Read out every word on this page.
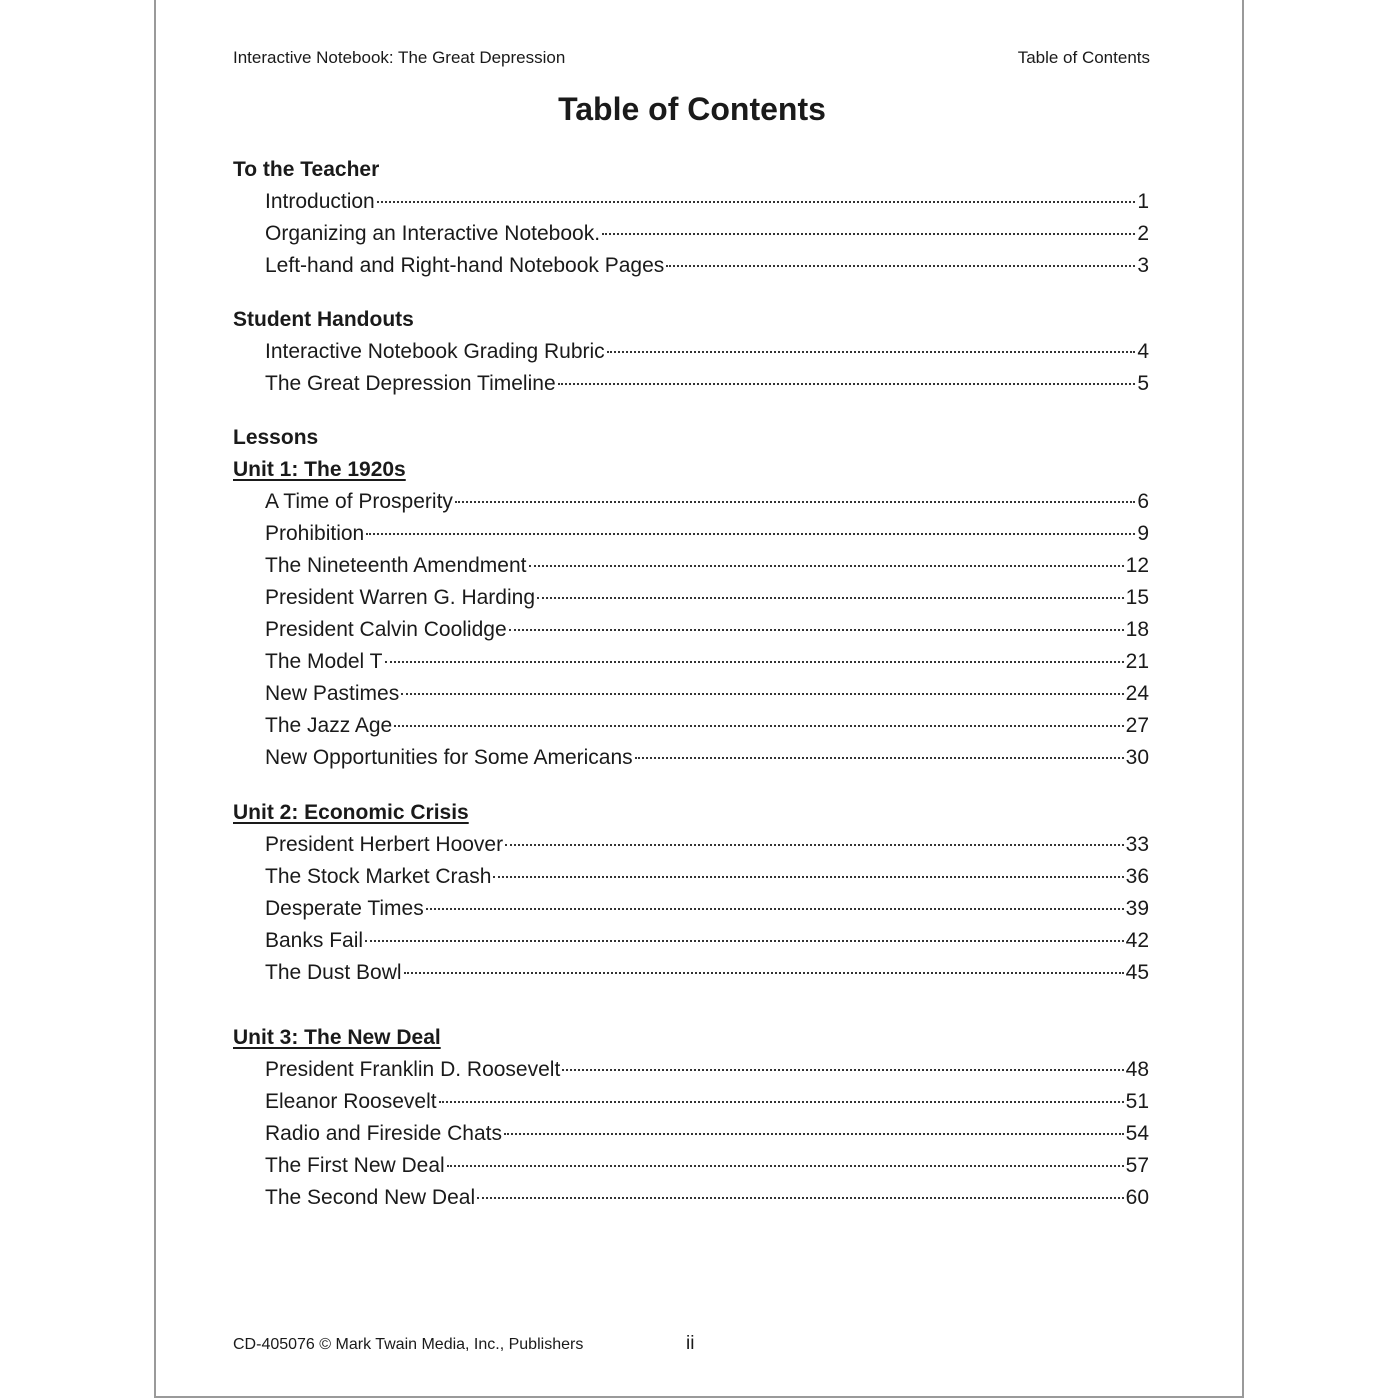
Interactive Notebook: The Great Depression	Table of Contents
Table of Contents
To the Teacher
Introduction	1
Organizing an Interactive Notebook.	2
Left-hand and Right-hand Notebook Pages	3
Student Handouts
Interactive Notebook Grading Rubric	4
The Great Depression Timeline	5
Lessons
Unit 1: The 1920s
A Time of Prosperity	6
Prohibition	9
The Nineteenth Amendment	12
President Warren G. Harding	15
President Calvin Coolidge	18
The Model T	21
New Pastimes	24
The Jazz Age	27
New Opportunities for Some Americans	30
Unit 2: Economic Crisis
President Herbert Hoover	33
The Stock Market Crash	36
Desperate Times	39
Banks Fail	42
The Dust Bowl	45
Unit 3: The New Deal
President Franklin D. Roosevelt	48
Eleanor Roosevelt	51
Radio and Fireside Chats	54
The First New Deal	57
The Second New Deal	60
CD-405076 © Mark Twain Media, Inc., Publishers	ii
